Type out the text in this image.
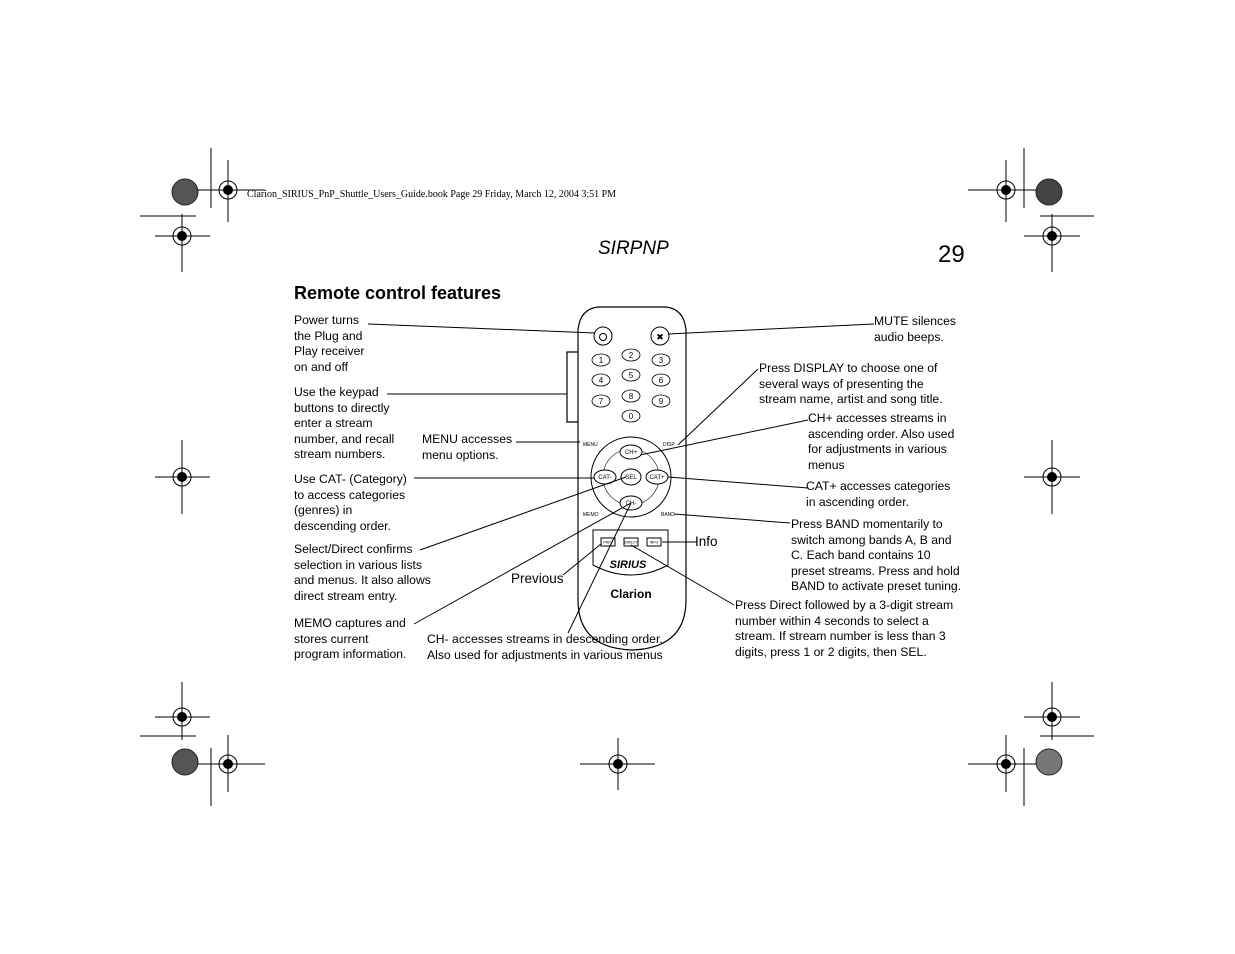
Clarion_SIRIUS_PnP_Shuttle_Users_Guide.book Page 29 Friday, March 12, 2004 3:51 PM
SIRPNP	29
Remote control features
✖
1
2
3
4
5
6
7
8
9
0
MENU	DISP
CH+
CH-
CAT-	CAT+
SEL
MEMO	BAND
PREV	DIRECT	INFO
SIRIUS
Clarion
Power turns
the Plug and
Play receiver
on and off
Use the keypad
buttons to directly
enter a stream
number, and recall
stream numbers.
MENU accesses
menu options.
Use CAT- (Category)
to access categories
(genres) in
descending order.
Select/Direct confirms
selection in various lists
and menus. It also allows
direct stream entry.
MEMO captures and
stores current
program information.
CH- accesses streams in descending order.
Also used for adjustments in various menus
MUTE silences
audio beeps.
Press DISPLAY to choose one of
several ways of presenting the
stream name, artist and song title.
CH+ accesses streams in
ascending order. Also used
for adjustments in various
menus
CAT+ accesses categories
in ascending order.
Press BAND momentarily to
switch among bands A, B and
C. Each band contains 10
preset streams. Press and hold
BAND to activate preset tuning.
Press Direct followed by a 3-digit stream
number within 4 seconds to select a
stream. If stream number is less than 3
digits, press 1 or 2 digits, then SEL.
Info
Previous
